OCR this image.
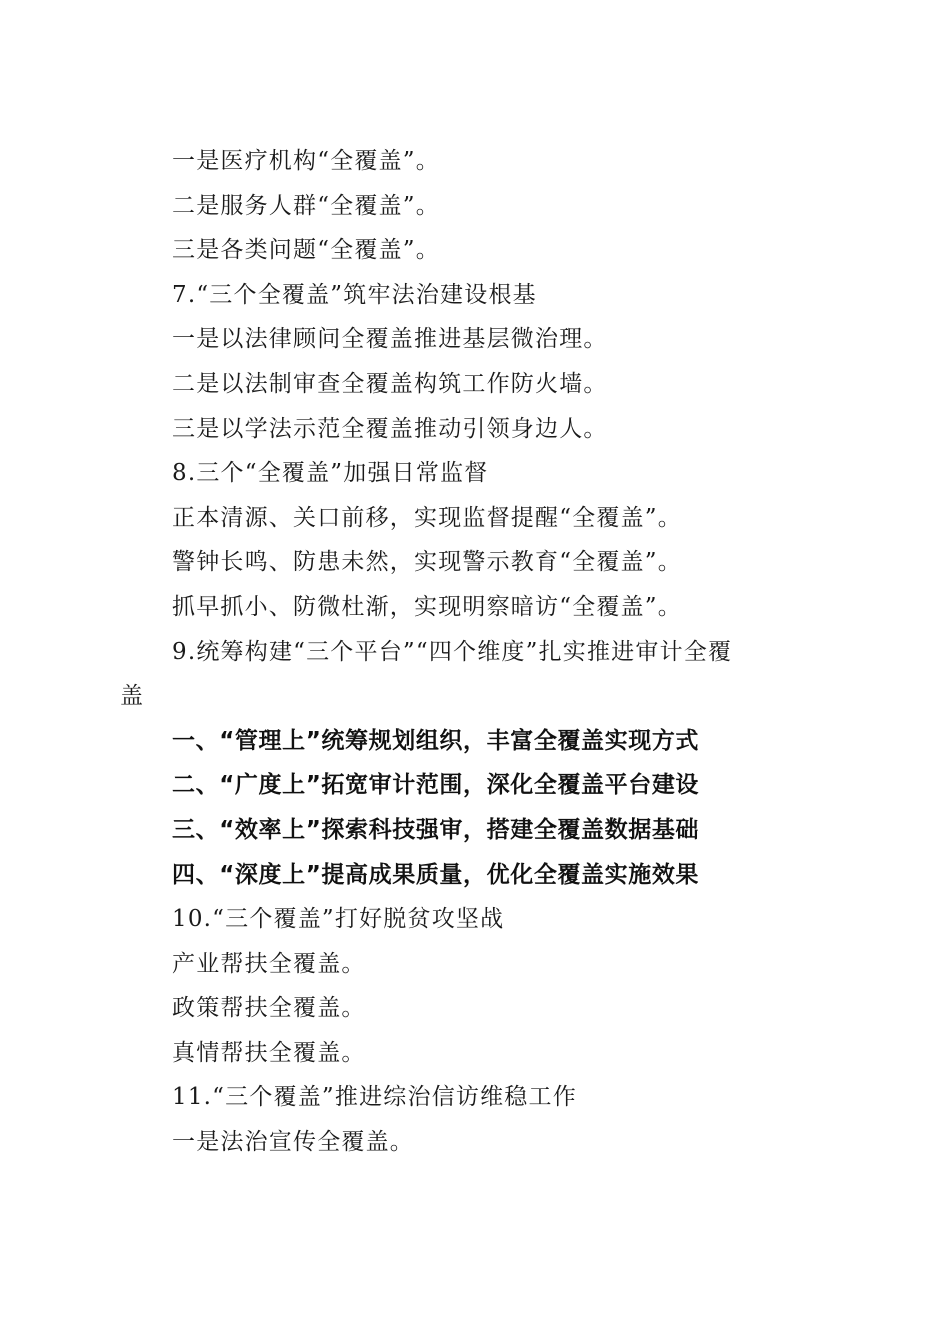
一是医疗机构“全覆盖”。
二是服务人群“全覆盖”。
三是各类问题“全覆盖”。
7.“三个全覆盖”筑牢法治建设根基
一是以法律顾问全覆盖推进基层微治理。
二是以法制审查全覆盖构筑工作防火墙。
三是以学法示范全覆盖推动引领身边人。
8.三个“全覆盖”加强日常监督
正本清源、关口前移，实现监督提醒“全覆盖”。
警钟长鸣、防患未然，实现警示教育“全覆盖”。
抓早抓小、防微杜渐，实现明察暗访“全覆盖”。
9.统筹构建“三个平台”“四个维度”扎实推进审计全覆
盖
一、“管理上”统筹规划组织，丰富全覆盖实现方式
二、“广度上”拓宽审计范围，深化全覆盖平台建设
三、“效率上”探索科技强审，搭建全覆盖数据基础
四、“深度上”提高成果质量，优化全覆盖实施效果
10.“三个覆盖”打好脱贫攻坚战
产业帮扶全覆盖。
政策帮扶全覆盖。
真情帮扶全覆盖。
11.“三个覆盖”推进综治信访维稳工作
一是法治宣传全覆盖。
